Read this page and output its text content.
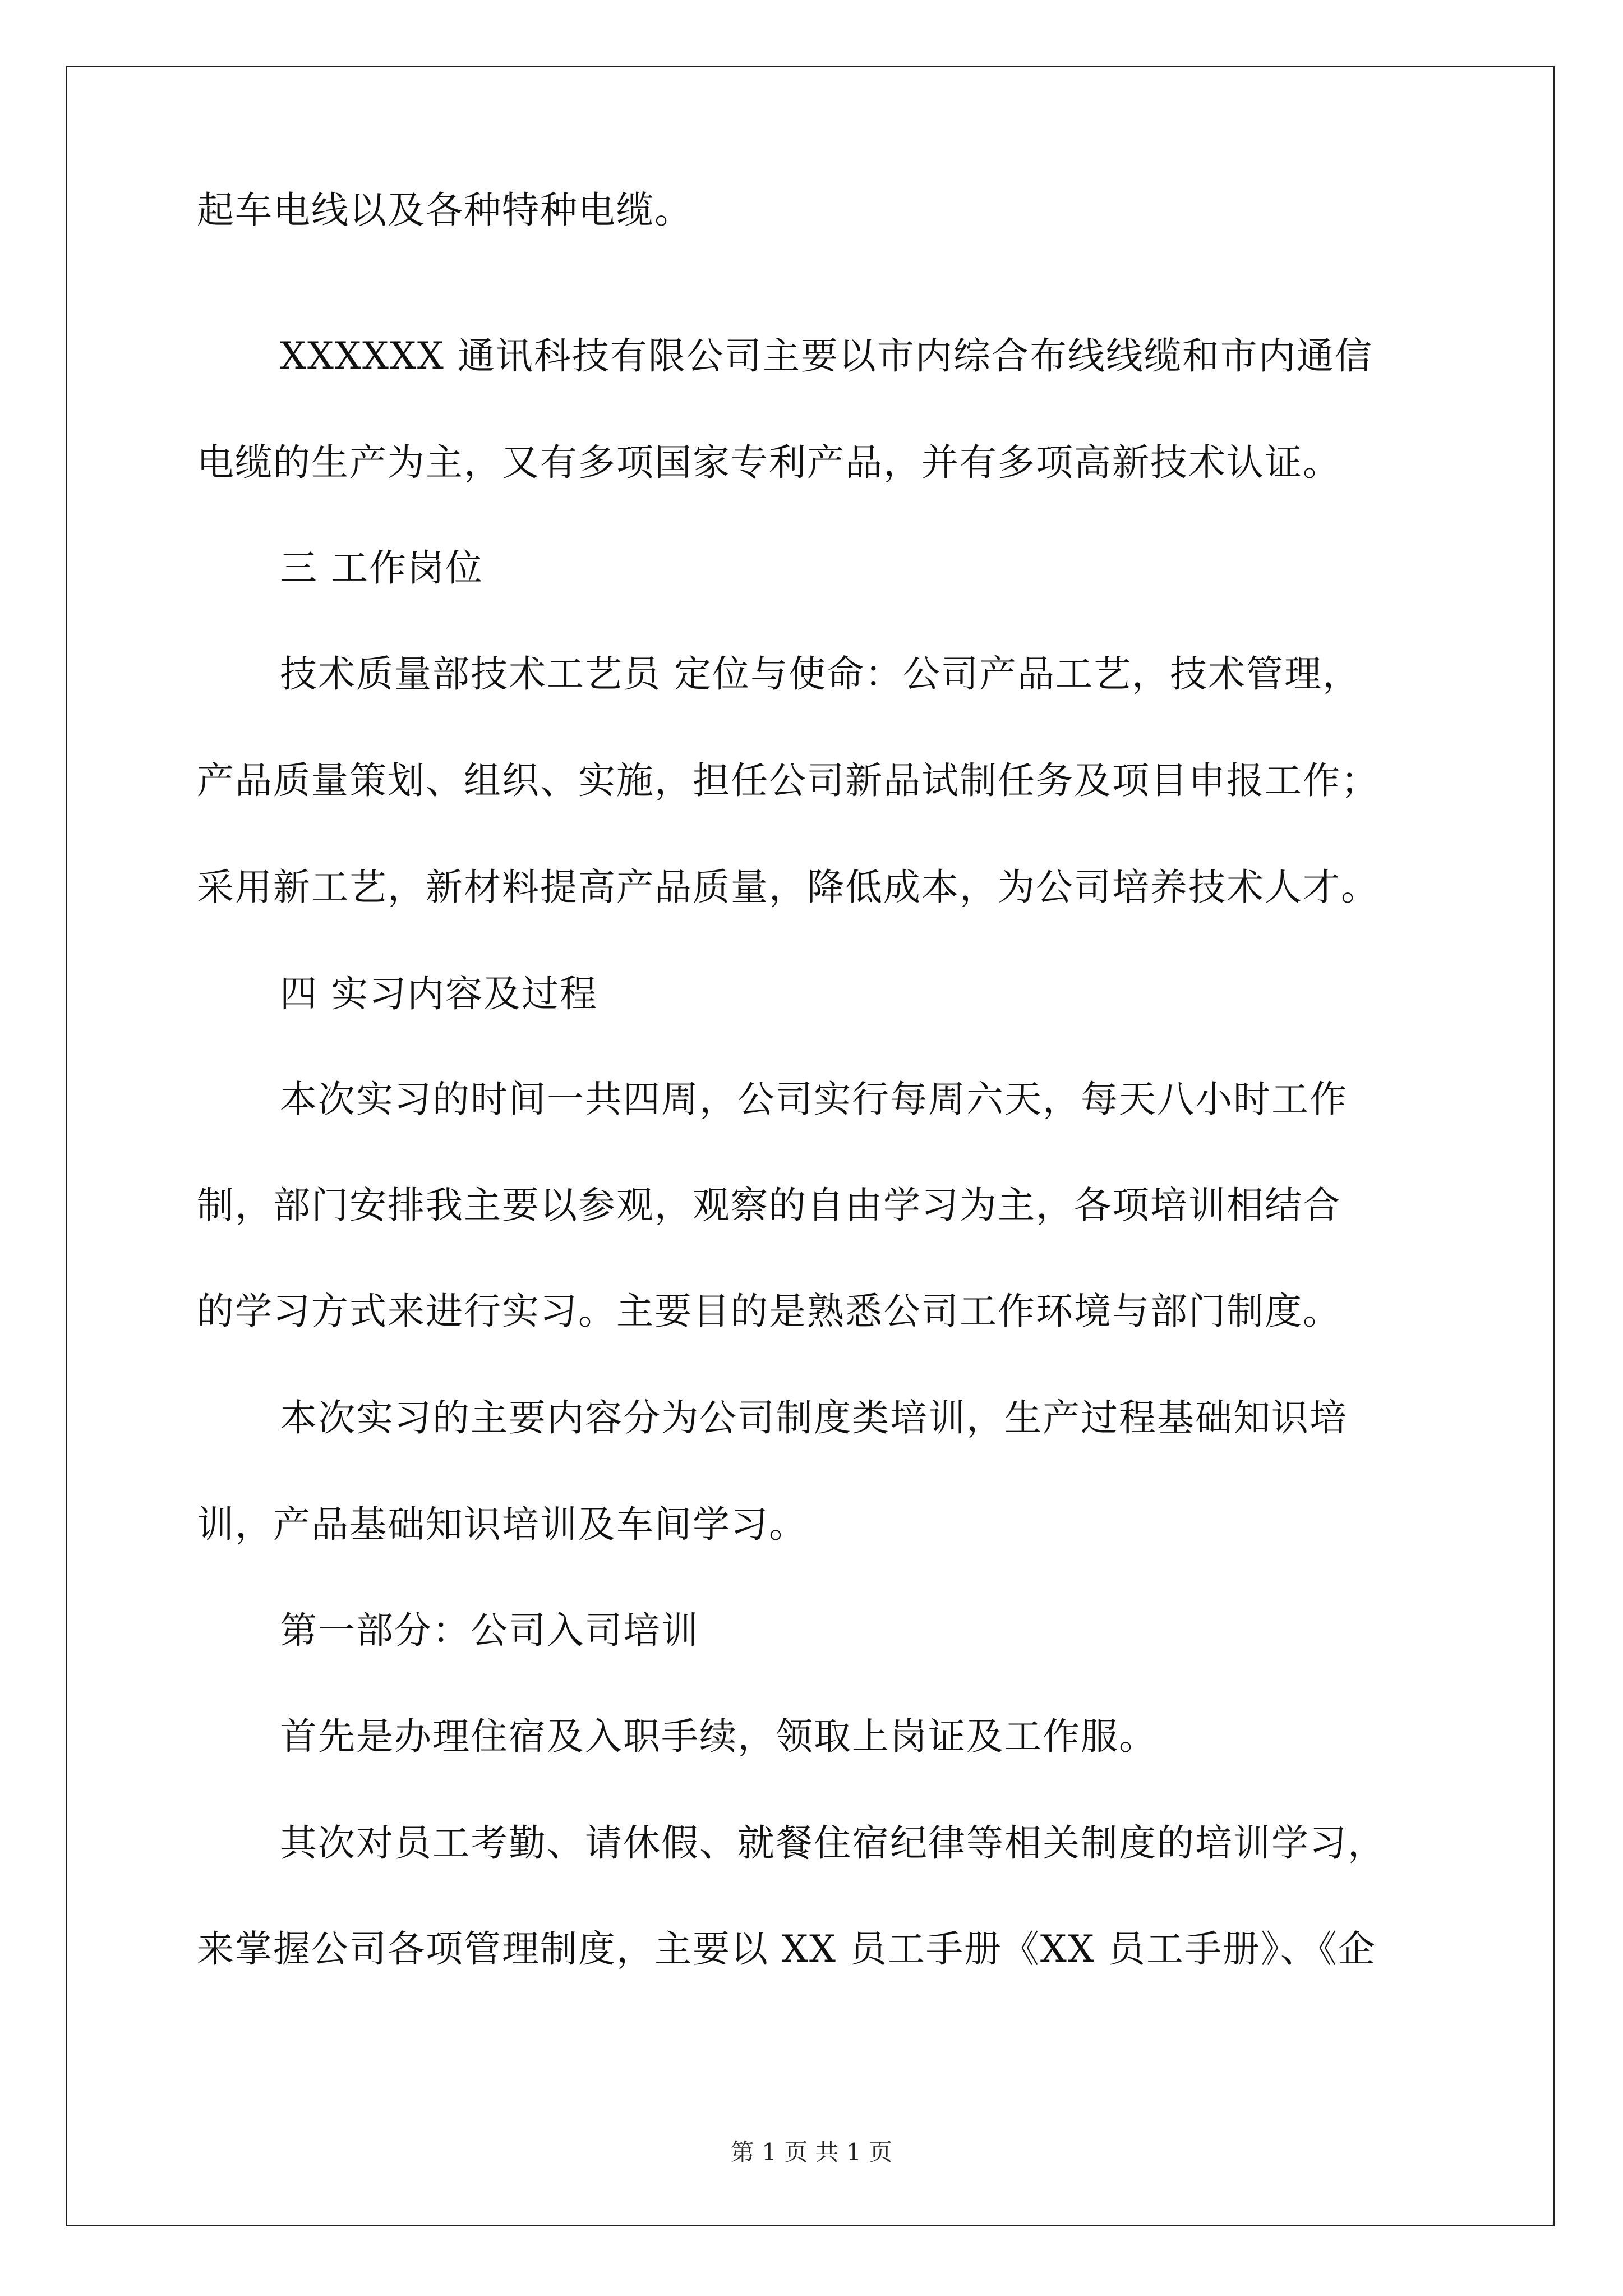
起车电线以及各种特种电缆。
XXXXXX 通讯科技有限公司主要以市内综合布线线缆和市内通信
电缆的生产为主，又有多项国家专利产品，并有多项高新技术认证。
三 工作岗位
技术质量部技术工艺员 定位与使命：公司产品工艺，技术管理，
产品质量策划、组织、实施，担任公司新品试制任务及项目申报工作；
采用新工艺，新材料提高产品质量，降低成本，为公司培养技术人才。
四 实习内容及过程
本次实习的时间一共四周，公司实行每周六天，每天八小时工作
制，部门安排我主要以参观，观察的自由学习为主，各项培训相结合
的学习方式来进行实习。主要目的是熟悉公司工作环境与部门制度。
本次实习的主要内容分为公司制度类培训，生产过程基础知识培
训，产品基础知识培训及车间学习。
第一部分：公司入司培训
首先是办理住宿及入职手续，领取上岗证及工作服。
其次对员工考勤、请休假、就餐住宿纪律等相关制度的培训学习，
来掌握公司各项管理制度，主要以 XX 员工手册《XX 员工手册》、《企
第 1 页 共 1 页
